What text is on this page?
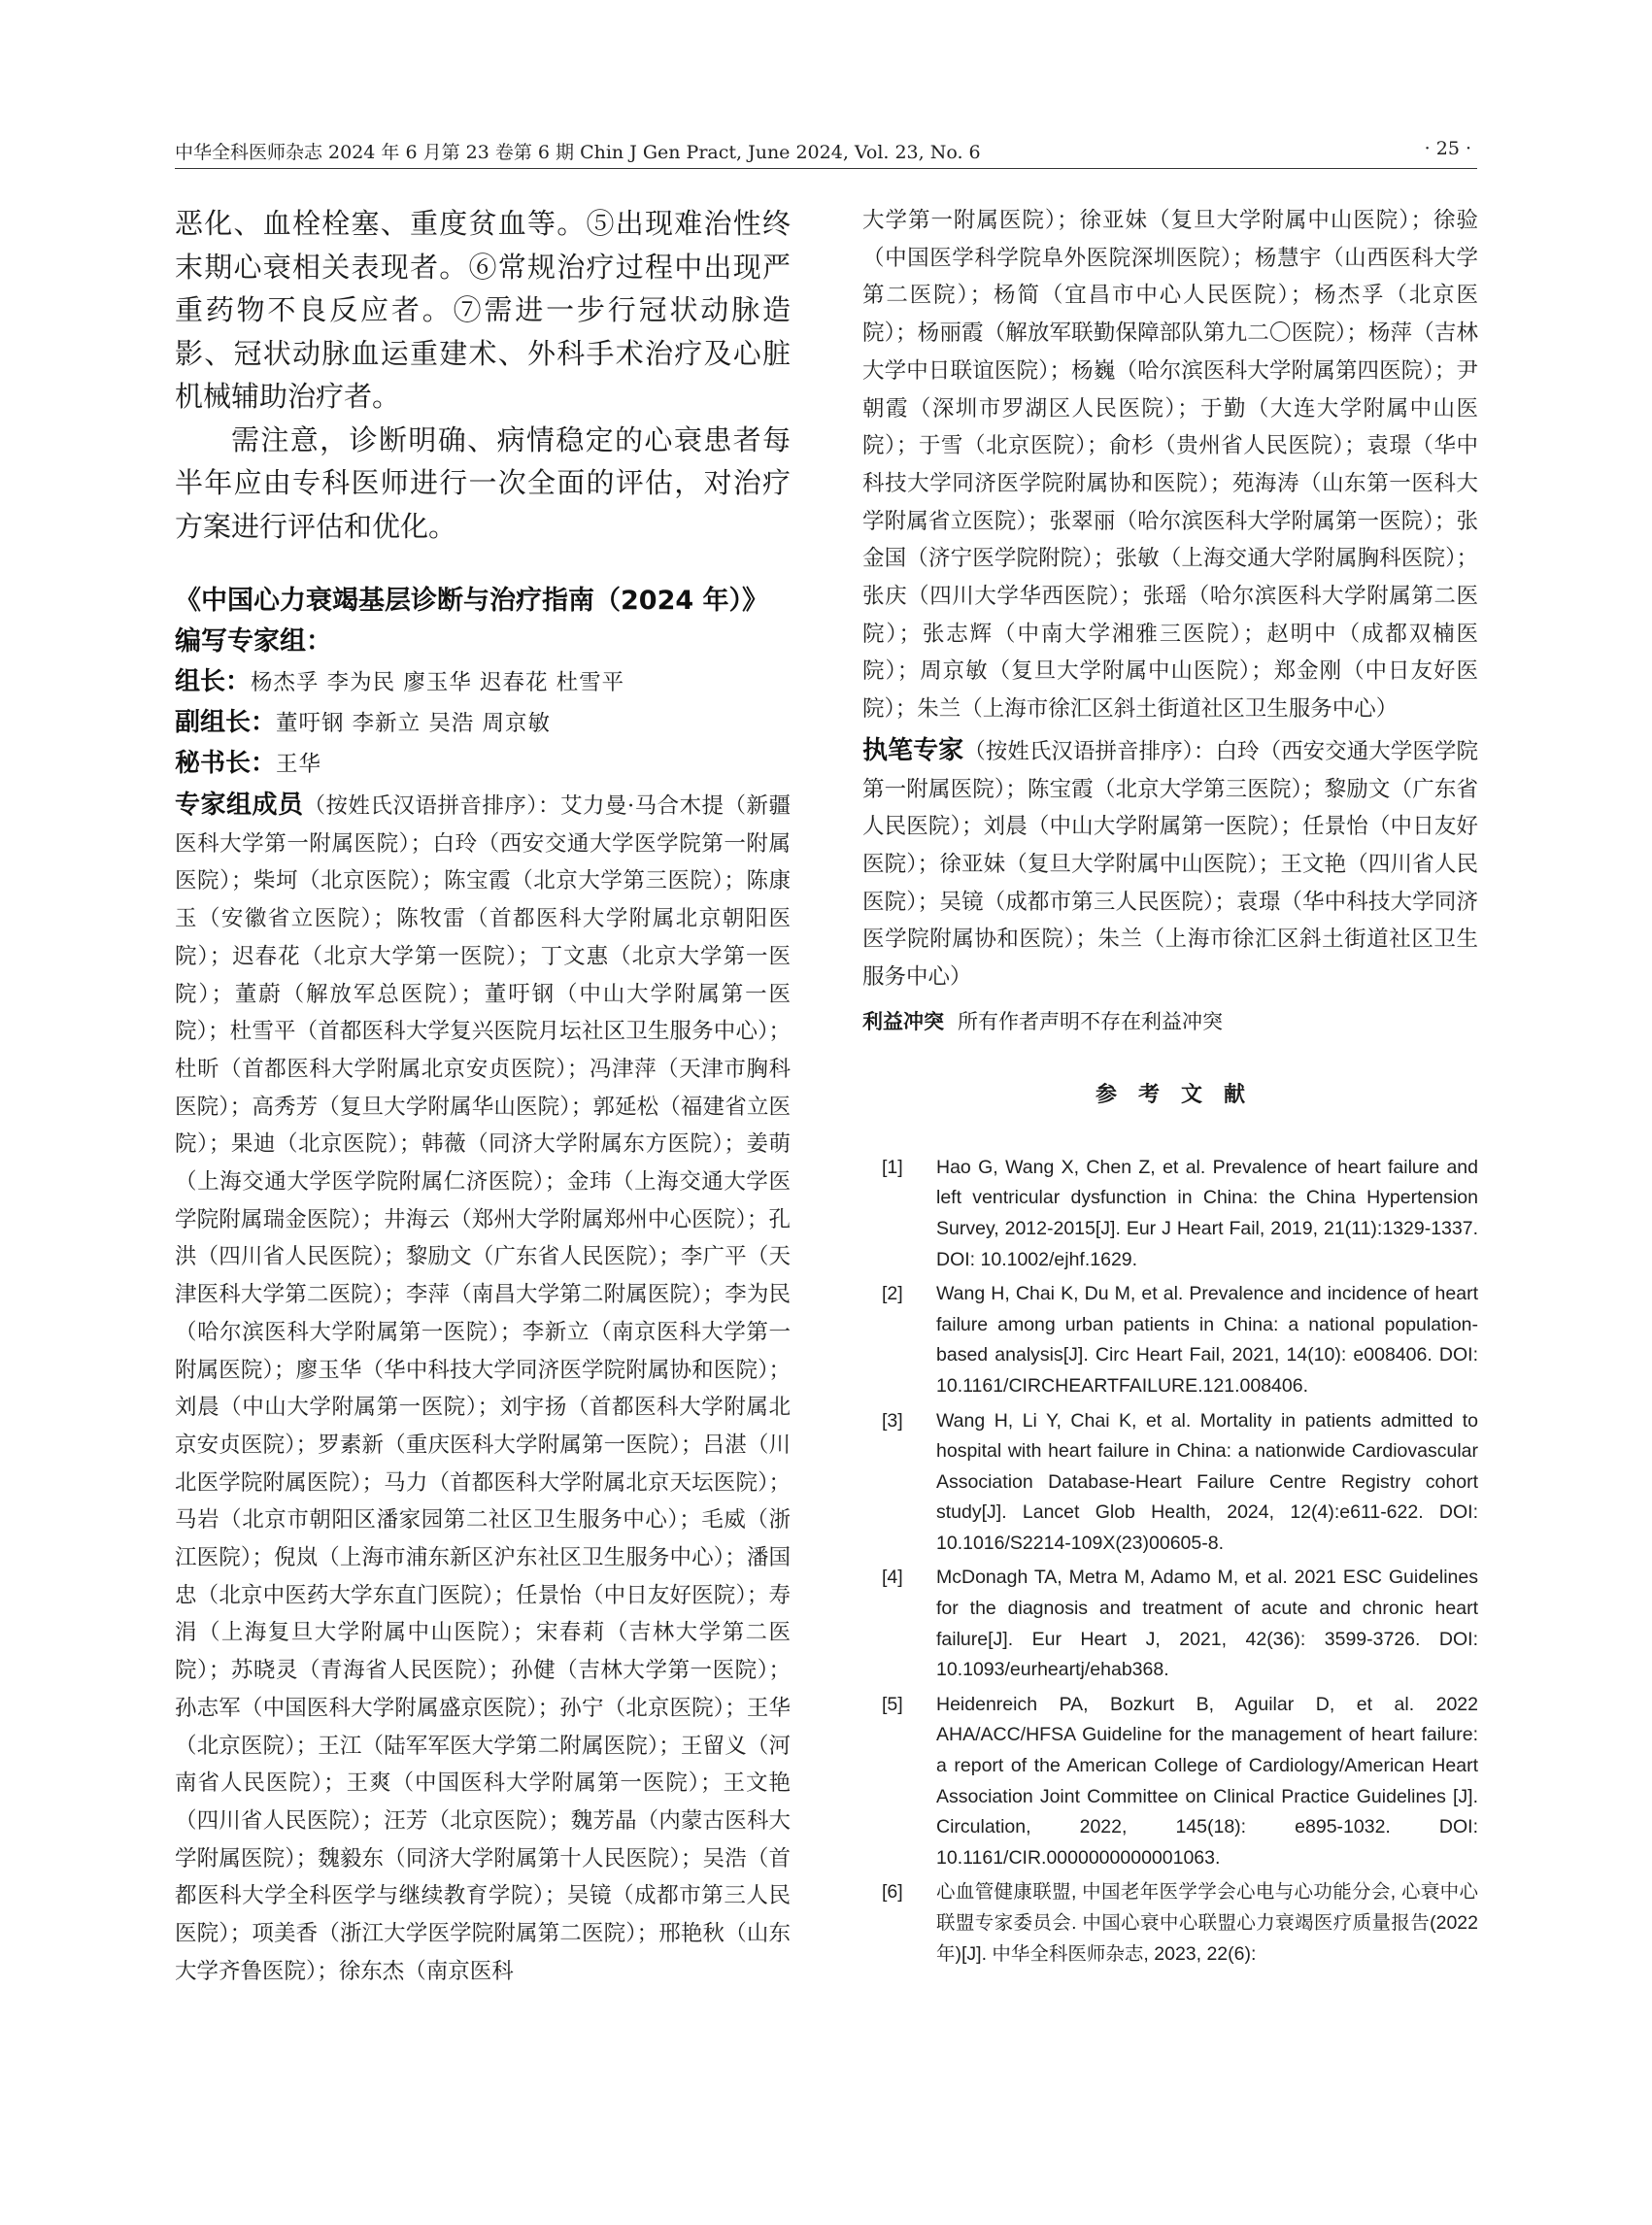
中华全科医师杂志 2024 年 6 月第 23 卷第 6 期 Chin J Gen Pract, June 2024, Vol. 23, No. 6	· 25 ·

恶化、血栓栓塞、重度贫血等。⑤出现难治性终末期心衰相关表现者。⑥常规治疗过程中出现严重药物不良反应者。⑦需进一步行冠状动脉造影、冠状动脉血运重建术、外科手术治疗及心脏机械辅助治疗者。

需注意，诊断明确、病情稳定的心衰患者每半年应由专科医师进行一次全面的评估，对治疗方案进行评估和优化。

《中国心力衰竭基层诊断与治疗指南（2024 年）》编写专家组：
组长：杨杰孚 李为民 廖玉华 迟春花 杜雪平
副组长：董吁钢 李新立 吴浩 周京敏
秘书长：王华

专家组成员（按姓氏汉语拼音排序）：艾力曼·马合木提（新疆医科大学第一附属医院）；白玲（西安交通大学医学院第一附属医院）；柴坷（北京医院）；陈宝霞（北京大学第三医院）；陈康玉（安徽省立医院）；陈牧雷（首都医科大学附属北京朝阳医院）；迟春花（北京大学第一医院）；丁文惠（北京大学第一医院）；董蔚（解放军总医院）；董吁钢（中山大学附属第一医院）；杜雪平（首都医科大学复兴医院月坛社区卫生服务中心）；杜昕（首都医科大学附属北京安贞医院）；冯津萍（天津市胸科医院）；高秀芳（复旦大学附属华山医院）；郭延松（福建省立医院）；果迪（北京医院）；韩薇（同济大学附属东方医院）；姜萌（上海交通大学医学院附属仁济医院）；金玮（上海交通大学医学院附属瑞金医院）；井海云（郑州大学附属郑州中心医院）；孔洪（四川省人民医院）；黎励文（广东省人民医院）；李广平（天津医科大学第二医院）；李萍（南昌大学第二附属医院）；李为民（哈尔滨医科大学附属第一医院）；李新立（南京医科大学第一附属医院）；廖玉华（华中科技大学同济医学院附属协和医院）；刘晨（中山大学附属第一医院）；刘宇扬（首都医科大学附属北京安贞医院）；罗素新（重庆医科大学附属第一医院）；吕湛（川北医学院附属医院）；马力（首都医科大学附属北京天坛医院）；马岩（北京市朝阳区潘家园第二社区卫生服务中心）；毛威（浙江医院）；倪岚（上海市浦东新区沪东社区卫生服务中心）；潘国忠（北京中医药大学东直门医院）；任景怡（中日友好医院）；寿涓（上海复旦大学附属中山医院）；宋春莉（吉林大学第二医院）；苏晓灵（青海省人民医院）；孙健（吉林大学第一医院）；孙志军（中国医科大学附属盛京医院）；孙宁（北京医院）；王华（北京医院）；王江（陆军军医大学第二附属医院）；王留义（河南省人民医院）；王爽（中国医科大学附属第一医院）；王文艳（四川省人民医院）；汪芳（北京医院）；魏芳晶（内蒙古医科大学附属医院）；魏毅东（同济大学附属第十人民医院）；吴浩（首都医科大学全科医学与继续教育学院）；吴镜（成都市第三人民医院）；项美香（浙江大学医学院附属第二医院）；邢艳秋（山东大学齐鲁医院）；徐东杰（南京医科

大学第一附属医院）；徐亚妹（复旦大学附属中山医院）；徐验（中国医学科学院阜外医院深圳医院）；杨慧宇（山西医科大学第二医院）；杨简（宜昌市中心人民医院）；杨杰孚（北京医院）；杨丽霞（解放军联勤保障部队第九二〇医院）；杨萍（吉林大学中日联谊医院）；杨巍（哈尔滨医科大学附属第四医院）；尹朝霞（深圳市罗湖区人民医院）；于勤（大连大学附属中山医院）；于雪（北京医院）；俞杉（贵州省人民医院）；袁璟（华中科技大学同济医学院附属协和医院）；苑海涛（山东第一医科大学附属省立医院）；张翠丽（哈尔滨医科大学附属第一医院）；张金国（济宁医学院附院）；张敏（上海交通大学附属胸科医院）；张庆（四川大学华西医院）；张瑶（哈尔滨医科大学附属第二医院）；张志辉（中南大学湘雅三医院）；赵明中（成都双楠医院）；周京敏（复旦大学附属中山医院）；郑金刚（中日友好医院）；朱兰（上海市徐汇区斜土街道社区卫生服务中心）

执笔专家（按姓氏汉语拼音排序）：白玲（西安交通大学医学院第一附属医院）；陈宝霞（北京大学第三医院）；黎励文（广东省人民医院）；刘晨（中山大学附属第一医院）；任景怡（中日友好医院）；徐亚妹（复旦大学附属中山医院）；王文艳（四川省人民医院）；吴镜（成都市第三人民医院）；袁璟（华中科技大学同济医学院附属协和医院）；朱兰（上海市徐汇区斜土街道社区卫生服务中心）

利益冲突 所有作者声明不存在利益冲突
参考文献
[1] Hao G, Wang X, Chen Z, et al. Prevalence of heart failure and left ventricular dysfunction in China: the China Hypertension Survey, 2012-2015[J]. Eur J Heart Fail, 2019, 21(11):1329-1337. DOI: 10.1002/ejhf.1629.
[2] Wang H, Chai K, Du M, et al. Prevalence and incidence of heart failure among urban patients in China: a national population-based analysis[J]. Circ Heart Fail, 2021, 14(10): e008406. DOI: 10.1161/CIRCHEARTFAILURE.121.008406.
[3] Wang H, Li Y, Chai K, et al. Mortality in patients admitted to hospital with heart failure in China: a nationwide Cardiovascular Association Database-Heart Failure Centre Registry cohort study[J]. Lancet Glob Health, 2024, 12(4):e611-622. DOI: 10.1016/S2214-109X(23)00605-8.
[4] McDonagh TA, Metra M, Adamo M, et al. 2021 ESC Guidelines for the diagnosis and treatment of acute and chronic heart failure[J]. Eur Heart J, 2021, 42(36): 3599-3726. DOI: 10.1093/eurheartj/ehab368.
[5] Heidenreich PA, Bozkurt B, Aguilar D, et al. 2022 AHA/ACC/HFSA Guideline for the management of heart failure: a report of the American College of Cardiology/American Heart Association Joint Committee on Clinical Practice Guidelines [J]. Circulation, 2022, 145(18): e895-1032. DOI: 10.1161/CIR.0000000000001063.
[6] 心血管健康联盟, 中国老年医学学会心电与心功能分会, 心衰中心联盟专家委员会. 中国心衰中心联盟心力衰竭医疗质量报告(2022 年)[J]. 中华全科医师杂志, 2023, 22(6):
